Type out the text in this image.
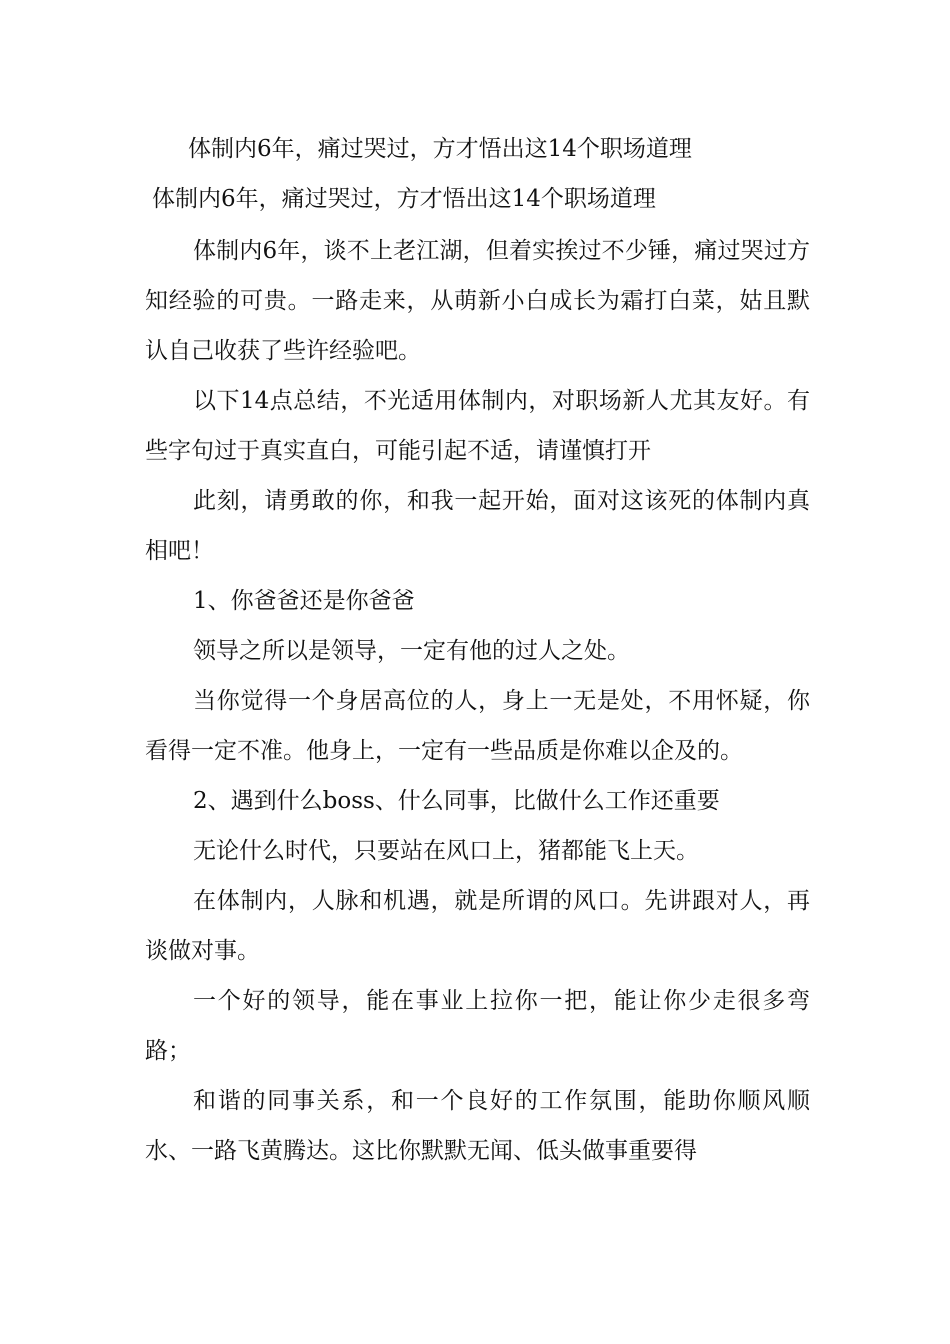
体制内6年，痛过哭过，方才悟出这14个职场道理
体制内6年，痛过哭过，方才悟出这14个职场道理

体制内6年，谈不上老江湖，但着实挨过不少锤，痛过哭过方知经验的可贵。一路走来，从萌新小白成长为霜打白菜，姑且默认自己收获了些许经验吧。

以下14点总结，不光适用体制内，对职场新人尤其友好。有些字句过于真实直白，可能引起不适，请谨慎打开

此刻，请勇敢的你，和我一起开始，面对这该死的体制内真相吧！

1、你爸爸还是你爸爸

领导之所以是领导，一定有他的过人之处。

当你觉得一个身居高位的人，身上一无是处，不用怀疑，你看得一定不准。他身上，一定有一些品质是你难以企及的。

2、遇到什么boss、什么同事，比做什么工作还重要

无论什么时代，只要站在风口上，猪都能飞上天。

在体制内，人脉和机遇，就是所谓的风口。先讲跟对人，再谈做对事。

一个好的领导，能在事业上拉你一把，能让你少走很多弯路；

和谐的同事关系，和一个良好的工作氛围，能助你顺风顺水、一路飞黄腾达。这比你默默无闻、低头做事重要得
